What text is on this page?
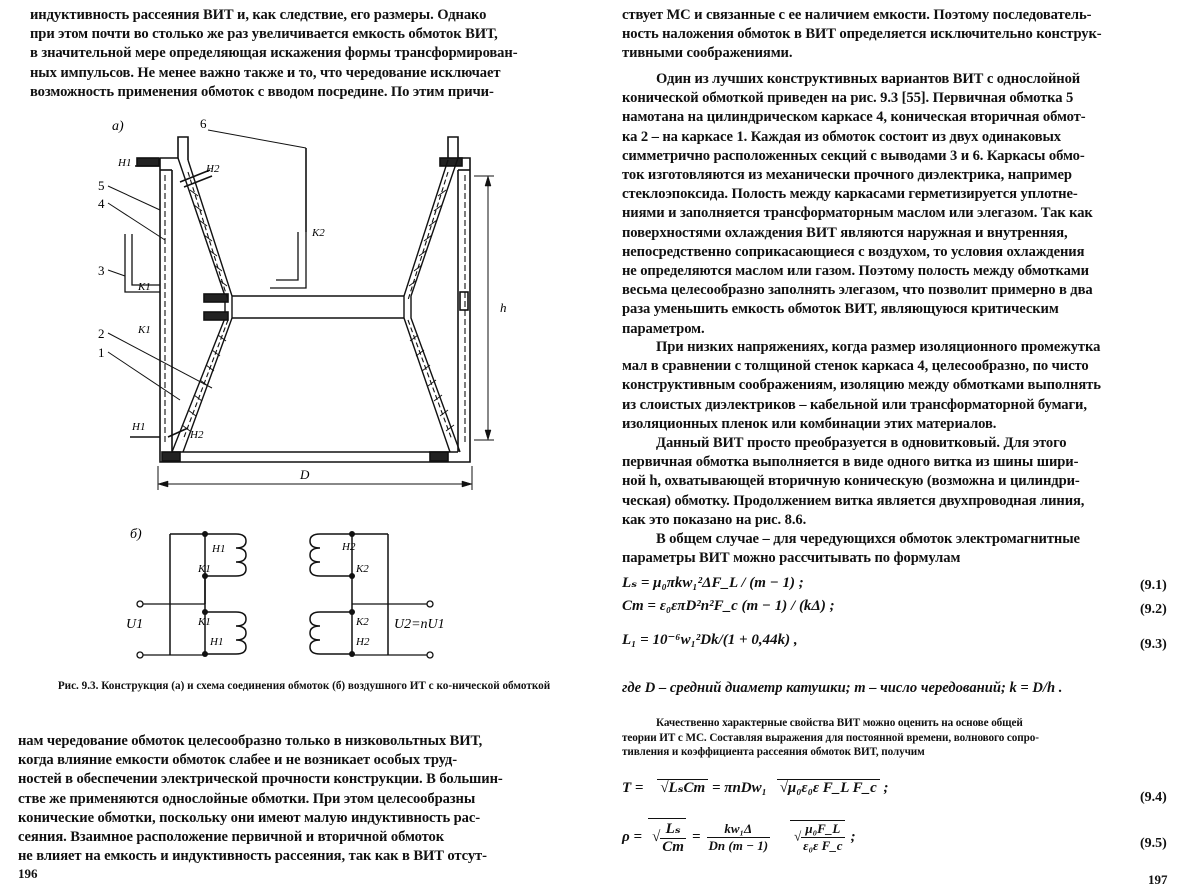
индуктивность рассеяния ВИТ и, как следствие, его размеры. Однако
при этом почти во столько же раз увеличивается емкость обмоток ВИТ,
в значительной мере определяющая искажения формы трансформирован-
ных импульсов. Не менее важно также и то, что чередование исключает
возможность применения обмоток с вводом посредине. По этим причи-

а)	6
5
4
3
2
1
Н1	Н2
К2
К1
К1
Н1
Н2
h
D
б)
Н1
К1
К1
Н1
Н2
К2
К2
Н2
U1	U2=nU1
Рис. 9.3. Конструкция (а) и схема соединения обмоток (б) воздушного ИТ с ко-нической обмоткой

нам чередование обмоток целесообразно только в низковольтных ВИТ,
когда влияние емкости обмоток слабее и не возникает особых труд-
ностей в обеспечении электрической прочности конструкции. В большин-
стве же применяются однослойные обмотки. При этом целесообразны
конические обмотки, поскольку они имеют малую индуктивность рас-
сеяния. Взаимное расположение первичной и вторичной обмоток
не влияет на емкость и индуктивность рассеяния, так как в ВИТ отсут-

196

ствует МС и связанные с ее наличием емкости. Поэтому последователь-
ность наложения обмоток в ВИТ определяется исключительно конструк-
тивными соображениями.

Один из лучших конструктивных вариантов ВИТ с однослойной
конической обмоткой приведен на рис. 9.3 [55]. Первичная обмотка 5
намотана на цилиндрическом каркасе 4, коническая вторичная обмот-
ка 2 – на каркасе 1. Каждая из обмоток состоит из двух одинаковых
симметрично расположенных секций с выводами 3 и 6. Каркасы обмо-
ток изготовляются из механически прочного диэлектрика, например
стеклоэпоксида. Полость между каркасами герметизируется уплотне-
ниями и заполняется трансформаторным маслом или элегазом. Так как
поверхностями охлаждения ВИТ являются наружная и внутренняя,
непосредственно соприкасающиеся с воздухом, то условия охлаждения
не определяются маслом или газом. Поэтому полость между обмотками
весьма целесообразно заполнять элегазом, что позволит примерно в два
раза уменьшить емкость обмоток ВИТ, являющуюся критическим
параметром.

При низких напряжениях, когда размер изоляционного промежутка
мал в сравнении с толщиной стенок каркаса 4, целесообразно, по чисто
конструктивным соображениям, изоляцию между обмотками выполнять
из слоистых диэлектриков – кабельной или трансформаторной бумаги,
изоляционных пленок или комбинации этих материалов.

Данный ВИТ просто преобразуется в одновитковый. Для этого
первичная обмотка выполняется в виде одного витка из шины шири-
ной h, охватывающей вторичную коническую (возможна и цилиндри-
ческая) обмотку. Продолжением витка является двухпроводная линия,
как это показано на рис. 8.6.

В общем случае – для чередующихся обмоток электромагнитные
параметры ВИТ можно рассчитывать по формулам

Lₛ = μ₀πkw₁²ΔF_L / (m − 1) ;	(9.1)
Cт = ε₀επD²n²F_c (m − 1) / (kΔ) ;	(9.2)
L₁ = 10⁻⁶w₁²Dk/(1 + 0,44k) ,	(9.3)
где D – средний диаметр катушки; m – число чередований; k = D/h .

Качественно характерные свойства ВИТ можно оценить на основе общей
теории ИТ с МС. Составляя выражения для постоянной времени, волнового сопро-
тивления и коэффициента рассеяния обмоток ВИТ, получим

T = √LₛCт = πnDw₁ √μ₀ε₀ε F_L F_c ;
(9.4)
ρ = √ $\frac{\text{Lₛ}}{Cт} = \frac{\text{kw₁Δ}}{Dn (m - 1)}$	√ $\frac{\text{μ₀F\_L}}{\text{ε₀ε F\_c}}$ ;	(9.5)
197
